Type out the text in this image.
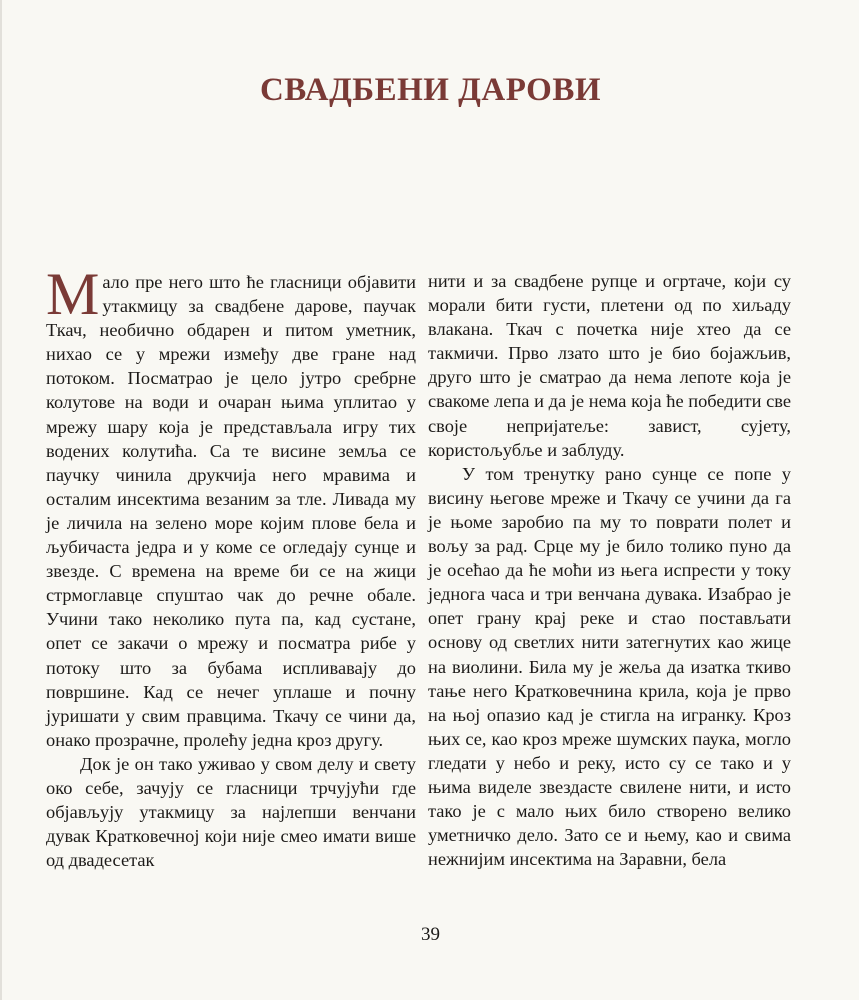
СВАДБЕНИ ДАРОВИ

Мало пре него што ће гласници објавити утакмицу за свадбене дарове, паучак Ткач, необично обдарен и питом уметник, нихао се у мрежи између две гране над потоком. Посматрао је цело јутро сребрне колутове на води и очаран њима уплитао у мрежу шару која је представљала игру тих водених колутића. Са те висине земља се паучку чинила друкчија него мравима и осталим инсектима везаним за тле. Ливада му је личила на зелено море којим плове бела и љубичаста једра и у коме се огледају сунце и звезде. С времена на време би се на жици стрмоглавце спуштао чак до речне обале. Учини тако неколико пута па, кад сустане, опет се закачи о мрежу и посматра рибе у потоку што за бубама испливавају до површине. Кад се нечег уплаше и почну јуришати у свим правцима. Ткачу се чини да, онако прозрачне, пролећу једна кроз другу.

Док је он тако уживао у свом делу и свету око себе, зачују се гласници трчујући где објављују утакмицу за најлепши венчани дувак Кратковечној који није смео имати више од двадесетак

нити и за свадбене рупце и огртаче, који су морали бити густи, плетени од по хиљаду влакана. Ткач с почетка није хтео да се такмичи. Прво лзато што је био бојажљив, друго што је сматрао да нема лепоте која је свакоме лепа и да је нема која ће победити све своје непријатеље: завист, сујету, користољубље и заблуду.

У том тренутку рано сунце се попе у висину његове мреже и Ткачу се учини да га је њоме заробио па му то поврати полет и вољу за рад. Срце му је било толико пуно да је осећао да ће моћи из њега испрести у току једнога часа и три венчана дувака. Изабрао је опет грану крај реке и стао постављати основу од светлих нити затегнутих као жице на виолини. Била му је жеља да изаткa ткиво тање него Кратковечнина крила, која је прво на њој опазио кад је стигла на игранку. Кроз њих се, као кроз мреже шумских паука, могло гледати у небо и реку, исто су се тако и у њима виделе звездасте свилене нити, и исто тако је с мало њих било створено велико уметничко дело. Зато се и њему, као и свима нежнијим инсектима на Заравни, бела

39
